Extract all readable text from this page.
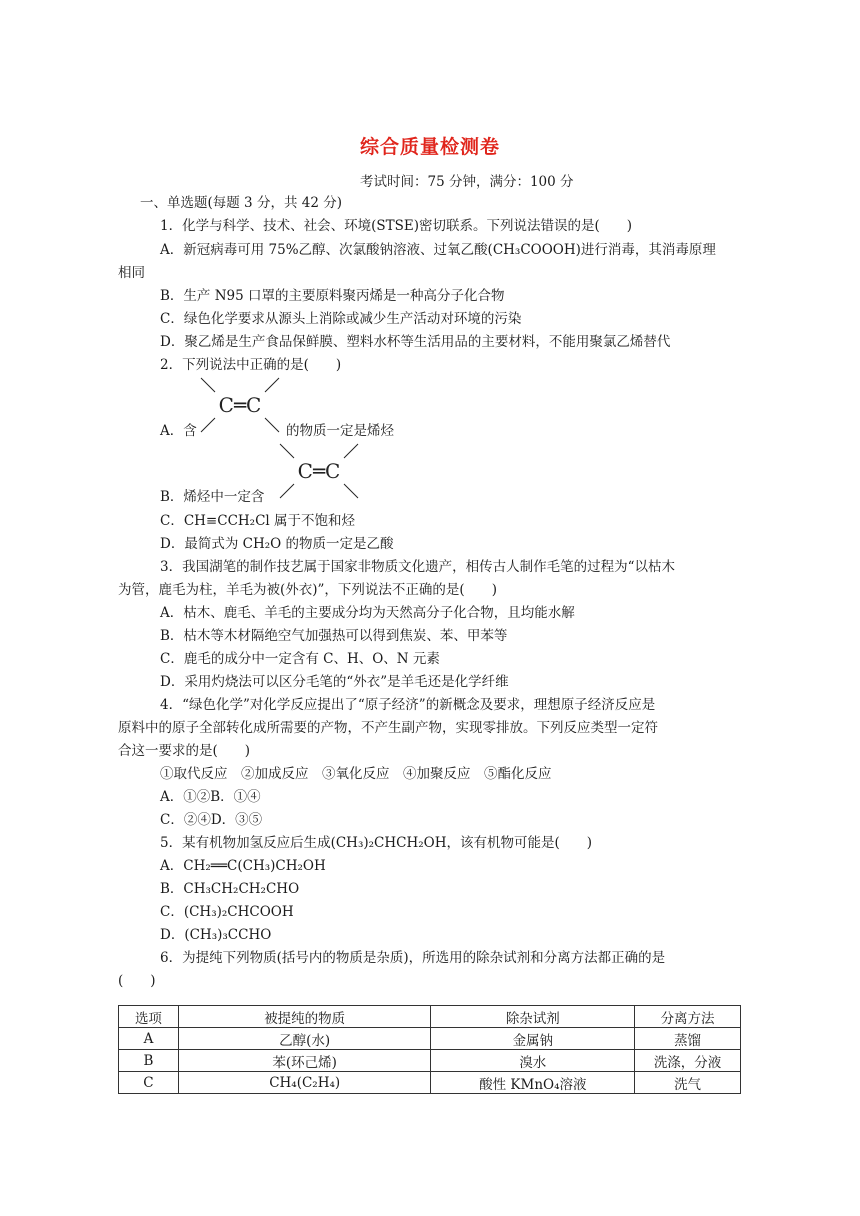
综合质量检测卷
考试时间：75 分钟，满分：100 分
一、单选题(每题 3 分，共 42 分)
1．化学与科学、技术、社会、环境(STSE)密切联系。下列说法错误的是(　　)
A．新冠病毒可用 75%乙醇、次氯酸钠溶液、过氧乙酸(CH₃COOOH)进行消毒，其消毒原理
相同
B．生产 N95 口罩的主要原料聚丙烯是一种高分子化合物
C．绿色化学要求从源头上消除或减少生产活动对环境的污染
D．聚乙烯是生产食品保鲜膜、塑料水杯等生活用品的主要材料，不能用聚氯乙烯替代
2．下列说法中正确的是(　　)
C═C
A．含	的物质一定是烯烃
C═C
B．烯烃中一定含
C．CH≡CCH₂Cl 属于不饱和烃
D．最简式为 CH₂O 的物质一定是乙酸
3．我国湖笔的制作技艺属于国家非物质文化遗产，相传古人制作毛笔的过程为“以枯木
为管，鹿毛为柱，羊毛为被(外衣)”，下列说法不正确的是(　　)
A．枯木、鹿毛、羊毛的主要成分均为天然高分子化合物，且均能水解
B．枯木等木材隔绝空气加强热可以得到焦炭、苯、甲苯等
C．鹿毛的成分中一定含有 C、H、O、N 元素
D．采用灼烧法可以区分毛笔的“外衣”是羊毛还是化学纤维
4．“绿色化学”对化学反应提出了“原子经济”的新概念及要求，理想原子经济反应是
原料中的原子全部转化成所需要的产物，不产生副产物，实现零排放。下列反应类型一定符
合这一要求的是(　　)
①取代反应　②加成反应　③氧化反应　④加聚反应　⑤酯化反应
A．①②B．①④
C．②④D．③⑤
5．某有机物加氢反应后生成(CH₃)₂CHCH₂OH，该有机物可能是(　　)
A．CH₂══C(CH₃)CH₂OH
B．CH₃CH₂CH₂CHO
C．(CH₃)₂CHCOOH
D．(CH₃)₃CCHO
6．为提纯下列物质(括号内的物质是杂质)，所选用的除杂试剂和分离方法都正确的是
(　　)
选项	被提纯的物质	除杂试剂	分离方法
A	乙醇(水)	金属钠	蒸馏
B	苯(环己烯)	溴水	洗涤，分液
C	CH₄(C₂H₄)	酸性 KMnO₄溶液	洗气
